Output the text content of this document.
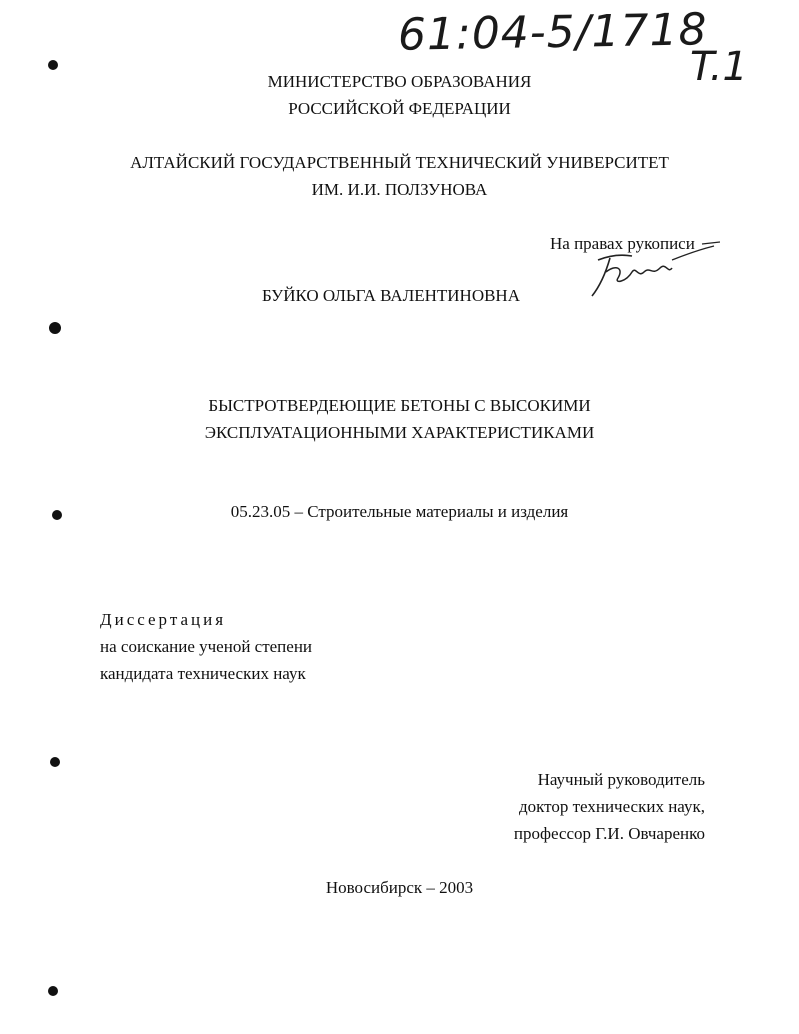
61:04-5/1718
T.1
МИНИСТЕРСТВО ОБРАЗОВАНИЯ
РОССИЙСКОЙ ФЕДЕРАЦИИ
АЛТАЙСКИЙ ГОСУДАРСТВЕННЫЙ ТЕХНИЧЕСКИЙ УНИВЕРСИТЕТ
ИМ. И.И. ПОЛЗУНОВА
На правах рукописи
БУЙКО ОЛЬГА ВАЛЕНТИНОВНА
БЫСТРОТВЕРДЕЮЩИЕ БЕТОНЫ С ВЫСОКИМИ
ЭКСПЛУАТАЦИОННЫМИ ХАРАКТЕРИСТИКАМИ
05.23.05 – Строительные материалы и изделия
Диссертация
на соискание ученой степени
кандидата технических наук
Научный руководитель
доктор технических наук,
профессор Г.И. Овчаренко
Новосибирск – 2003
